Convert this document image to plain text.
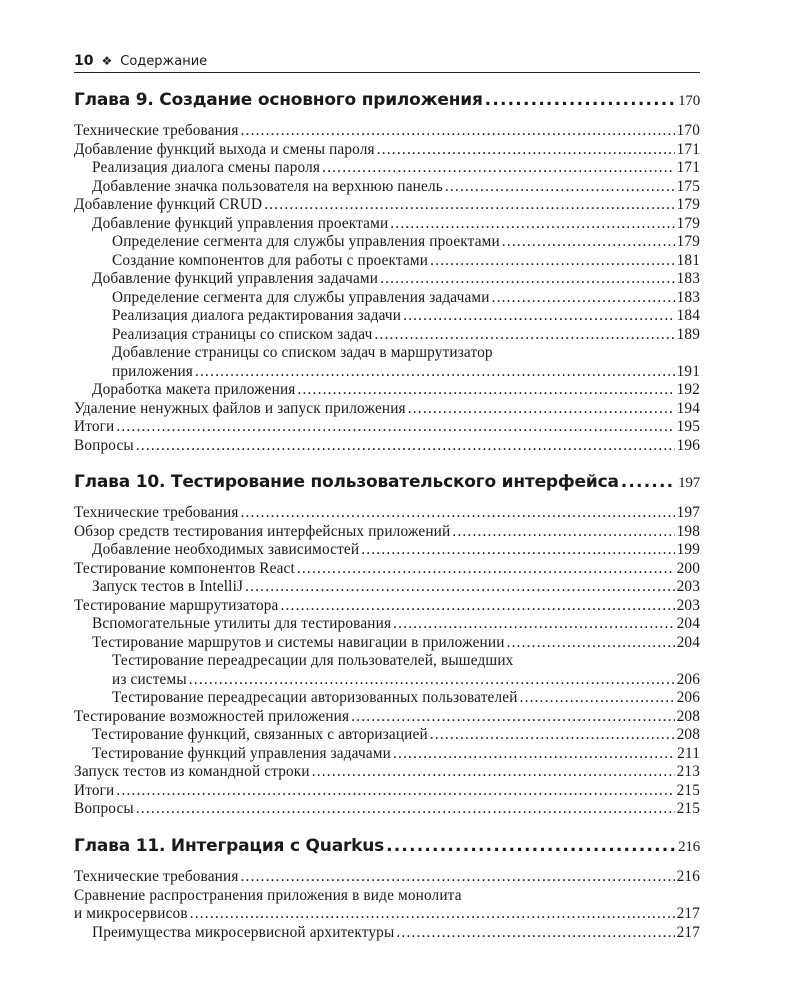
10 ❖ Содержание
Глава 9. Создание основного приложения .....	170
Технические требования .....	170
Добавление функций выхода и смены пароля .....	171
Реализация диалога смены пароля .....	171
Добавление значка пользователя на верхнюю панель .....	175
Добавление функций CRUD .....	179
Добавление функций управления проектами .....	179
Определение сегмента для службы управления проектами .....	179
Создание компонентов для работы с проектами .....	181
Добавление функций управления задачами .....	183
Определение сегмента для службы управления задачами .....	183
Реализация диалога редактирования задачи .....	184
Реализация страницы со списком задач .....	189
Добавление страницы со списком задач в маршрутизатор
приложения .....	191
Доработка макета приложения .....	192
Удаление ненужных файлов и запуск приложения .....	194
Итоги .....	195
Вопросы .....	196
Глава 10. Тестирование пользовательского интерфейса .....	197
Технические требования .....	197
Обзор средств тестирования интерфейсных приложений .....	198
Добавление необходимых зависимостей .....	199
Тестирование компонентов React .....	200
Запуск тестов в IntelliJ .....	203
Тестирование маршрутизатора .....	203
Вспомогательные утилиты для тестирования .....	204
Тестирование маршрутов и системы навигации в приложении .....	204
Тестирование переадресации для пользователей, вышедших
из системы .....	206
Тестирование переадресации авторизованных пользователей .....	206
Тестирование возможностей приложения .....	208
Тестирование функций, связанных с авторизацией .....	208
Тестирование функций управления задачами .....	211
Запуск тестов из командной строки .....	213
Итоги .....	215
Вопросы .....	215
Глава 11. Интеграция с Quarkus .....	216
Технические требования .....	216
Сравнение распространения приложения в виде монолита
и микросервисов .....	217
Преимущества микросервисной архитектуры .....	217
